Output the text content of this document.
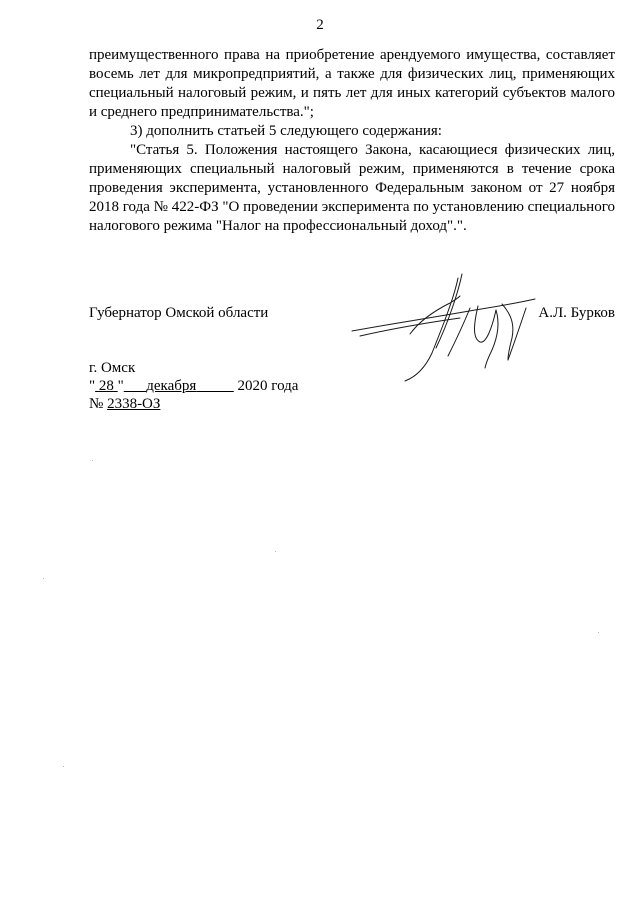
2

преимущественного права на приобретение арендуемого имущества, составляет восемь лет для микропредприятий, а также для физических лиц, применяющих специальный налоговый режим, и пять лет для иных категорий субъектов малого и среднего предпринимательства.";

3) дополнить статьей 5 следующего содержания:

"Статья 5. Положения настоящего Закона, касающиеся физических лиц, применяющих специальный налоговый режим, применяются в течение срока проведения эксперимента, установленного Федеральным законом от 27 ноября 2018 года № 422-ФЗ "О проведении эксперимента по установлению специального налогового режима "Налог на профессиональный доход".".

Губернатор Омской области	А.Л. Бурков
г. Омск
" 28 " декабря	2020 года
№ 2338-ОЗ
